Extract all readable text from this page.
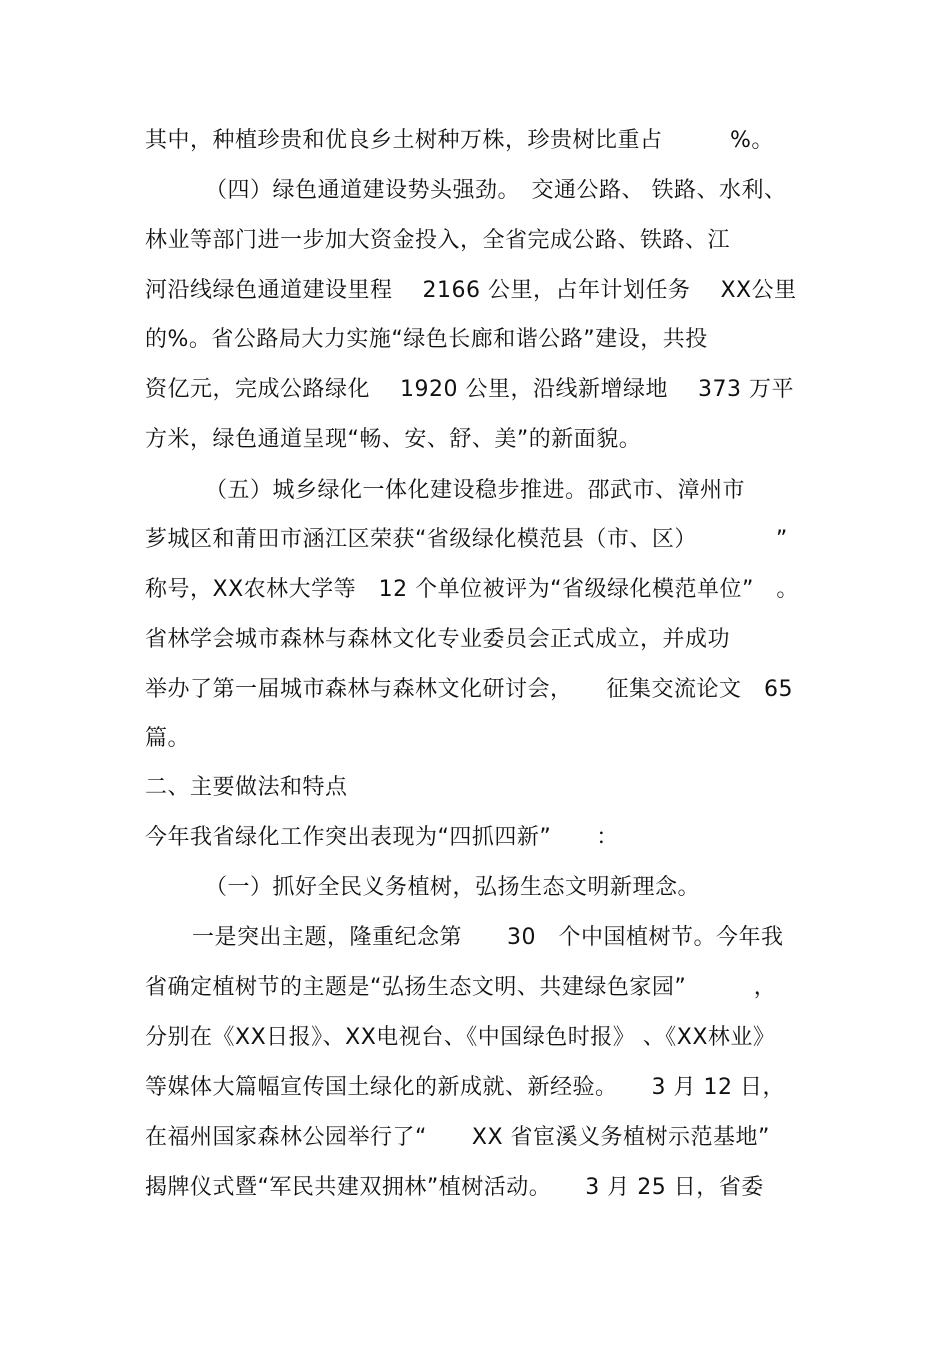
其中，种植珍贵和优良乡土树种万株，珍贵树比重占　　　%。
（四）绿色通道建设势头强劲。　交通公路、 铁路、水利、
林业等部门进一步加大资金投入，全省完成公路、铁路、江
河沿线绿色通道建设里程　 2166 公里，占年计划任务　 XX公里
的%。省公路局大力实施“绿色长廊和谐公路”建设，共投
资亿元，完成公路绿化　 1920 公里，沿线新增绿地　 373 万平
方米，绿色通道呈现“畅、安、舒、美”的新面貌。
（五）城乡绿化一体化建设稳步推进。邵武市、漳州市
芗城区和莆田市涵江区荣获“省级绿化模范县（市、区）　　　　”
称号，XX农林大学等　12 个单位被评为“省级绿化模范单位”　。
省林学会城市森林与森林文化专业委员会正式成立，并成功
举办了第一届城市森林与森林文化研讨会，　　征集交流论文　65
篇。
二、主要做法和特点
今年我省绿化工作突出表现为“四抓四新”　　：
（一）抓好全民义务植树，弘扬生态文明新理念。
一是突出主题，隆重纪念第　　30　个中国植树节。今年我
省确定植树节的主题是“弘扬生态文明、共建绿色家园”　　　，
分别在《XX日报》、XX电视台、《中国绿色时报》 、《XX林业》
等媒体大篇幅宣传国土绿化的新成就、新经验。　　3 月 12 日，
在福州国家森林公园举行了“　　XX 省宦溪义务植树示范基地”
揭牌仪式暨“军民共建双拥林”植树活动。　　3 月 25 日，省委
